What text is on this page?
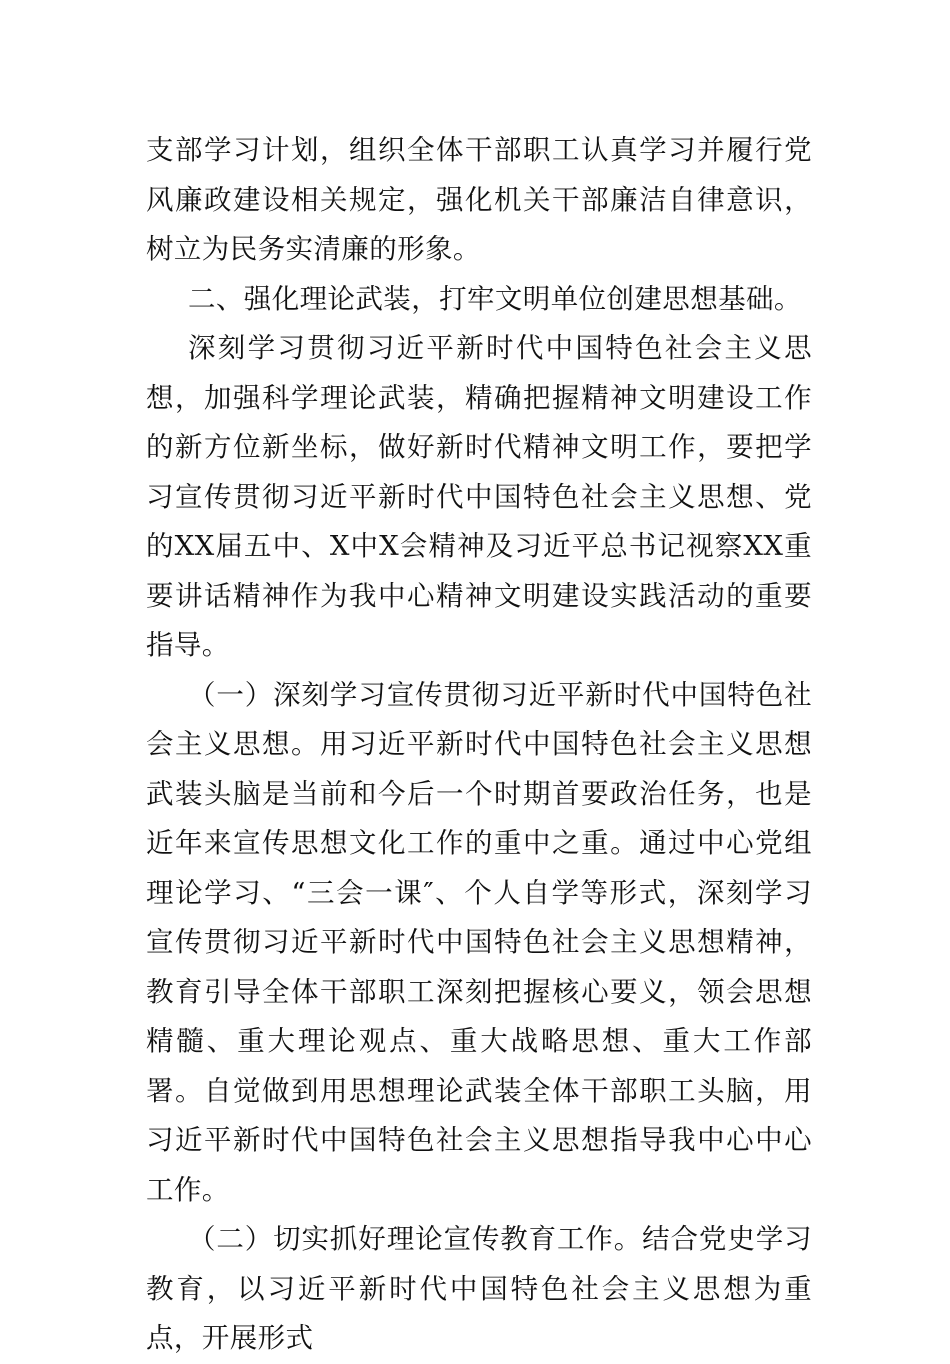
支部学习计划，组织全体干部职工认真学习并履行党风廉政建设相关规定，强化机关干部廉洁自律意识，树立为民务实清廉的形象。

二、强化理论武装，打牢文明单位创建思想基础。

深刻学习贯彻习近平新时代中国特色社会主义思想，加强科学理论武装，精确把握精神文明建设工作的新方位新坐标，做好新时代精神文明工作，要把学习宣传贯彻习近平新时代中国特色社会主义思想、党的XX届五中、X中X会精神及习近平总书记视察XX重要讲话精神作为我中心精神文明建设实践活动的重要指导。

（一）深刻学习宣传贯彻习近平新时代中国特色社会主义思想。用习近平新时代中国特色社会主义思想武装头脑是当前和今后一个时期首要政治任务，也是近年来宣传思想文化工作的重中之重。通过中心党组理论学习、“三会一课″、个人自学等形式，深刻学习宣传贯彻习近平新时代中国特色社会主义思想精神，教育引导全体干部职工深刻把握核心要义，领会思想精髓、重大理论观点、重大战略思想、重大工作部署。自觉做到用思想理论武装全体干部职工头脑，用习近平新时代中国特色社会主义思想指导我中心中心工作。

（二）切实抓好理论宣传教育工作。结合党史学习教育，以习近平新时代中国特色社会主义思想为重点，开展形式
